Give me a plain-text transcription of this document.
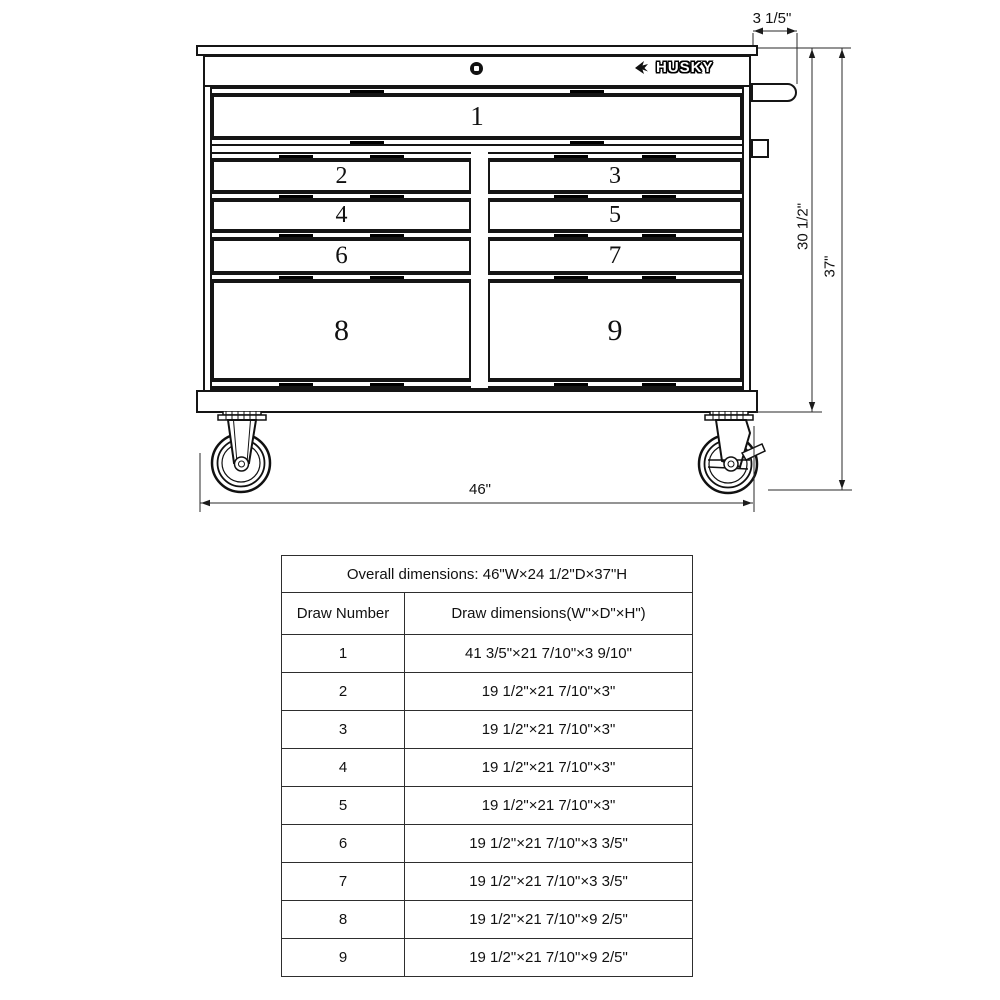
HUSKY
1
2
4
6
8
3
5
7
9
3 1/5"
30 1/2"
37"
46"
Overall dimensions: 46"W×24 1/2"D×37"H	
Draw Number	Draw dimensions(W"×D"×H")
1	41 3/5"×21 7/10"×3 9/10"
2	19 1/2"×21 7/10"×3"
3	19 1/2"×21 7/10"×3"
4	19 1/2"×21 7/10"×3"
5	19 1/2"×21 7/10"×3"
6	19 1/2"×21 7/10"×3 3/5"
7	19 1/2"×21 7/10"×3 3/5"
8	19 1/2"×21 7/10"×9 2/5"
9	19 1/2"×21 7/10"×9 2/5"
